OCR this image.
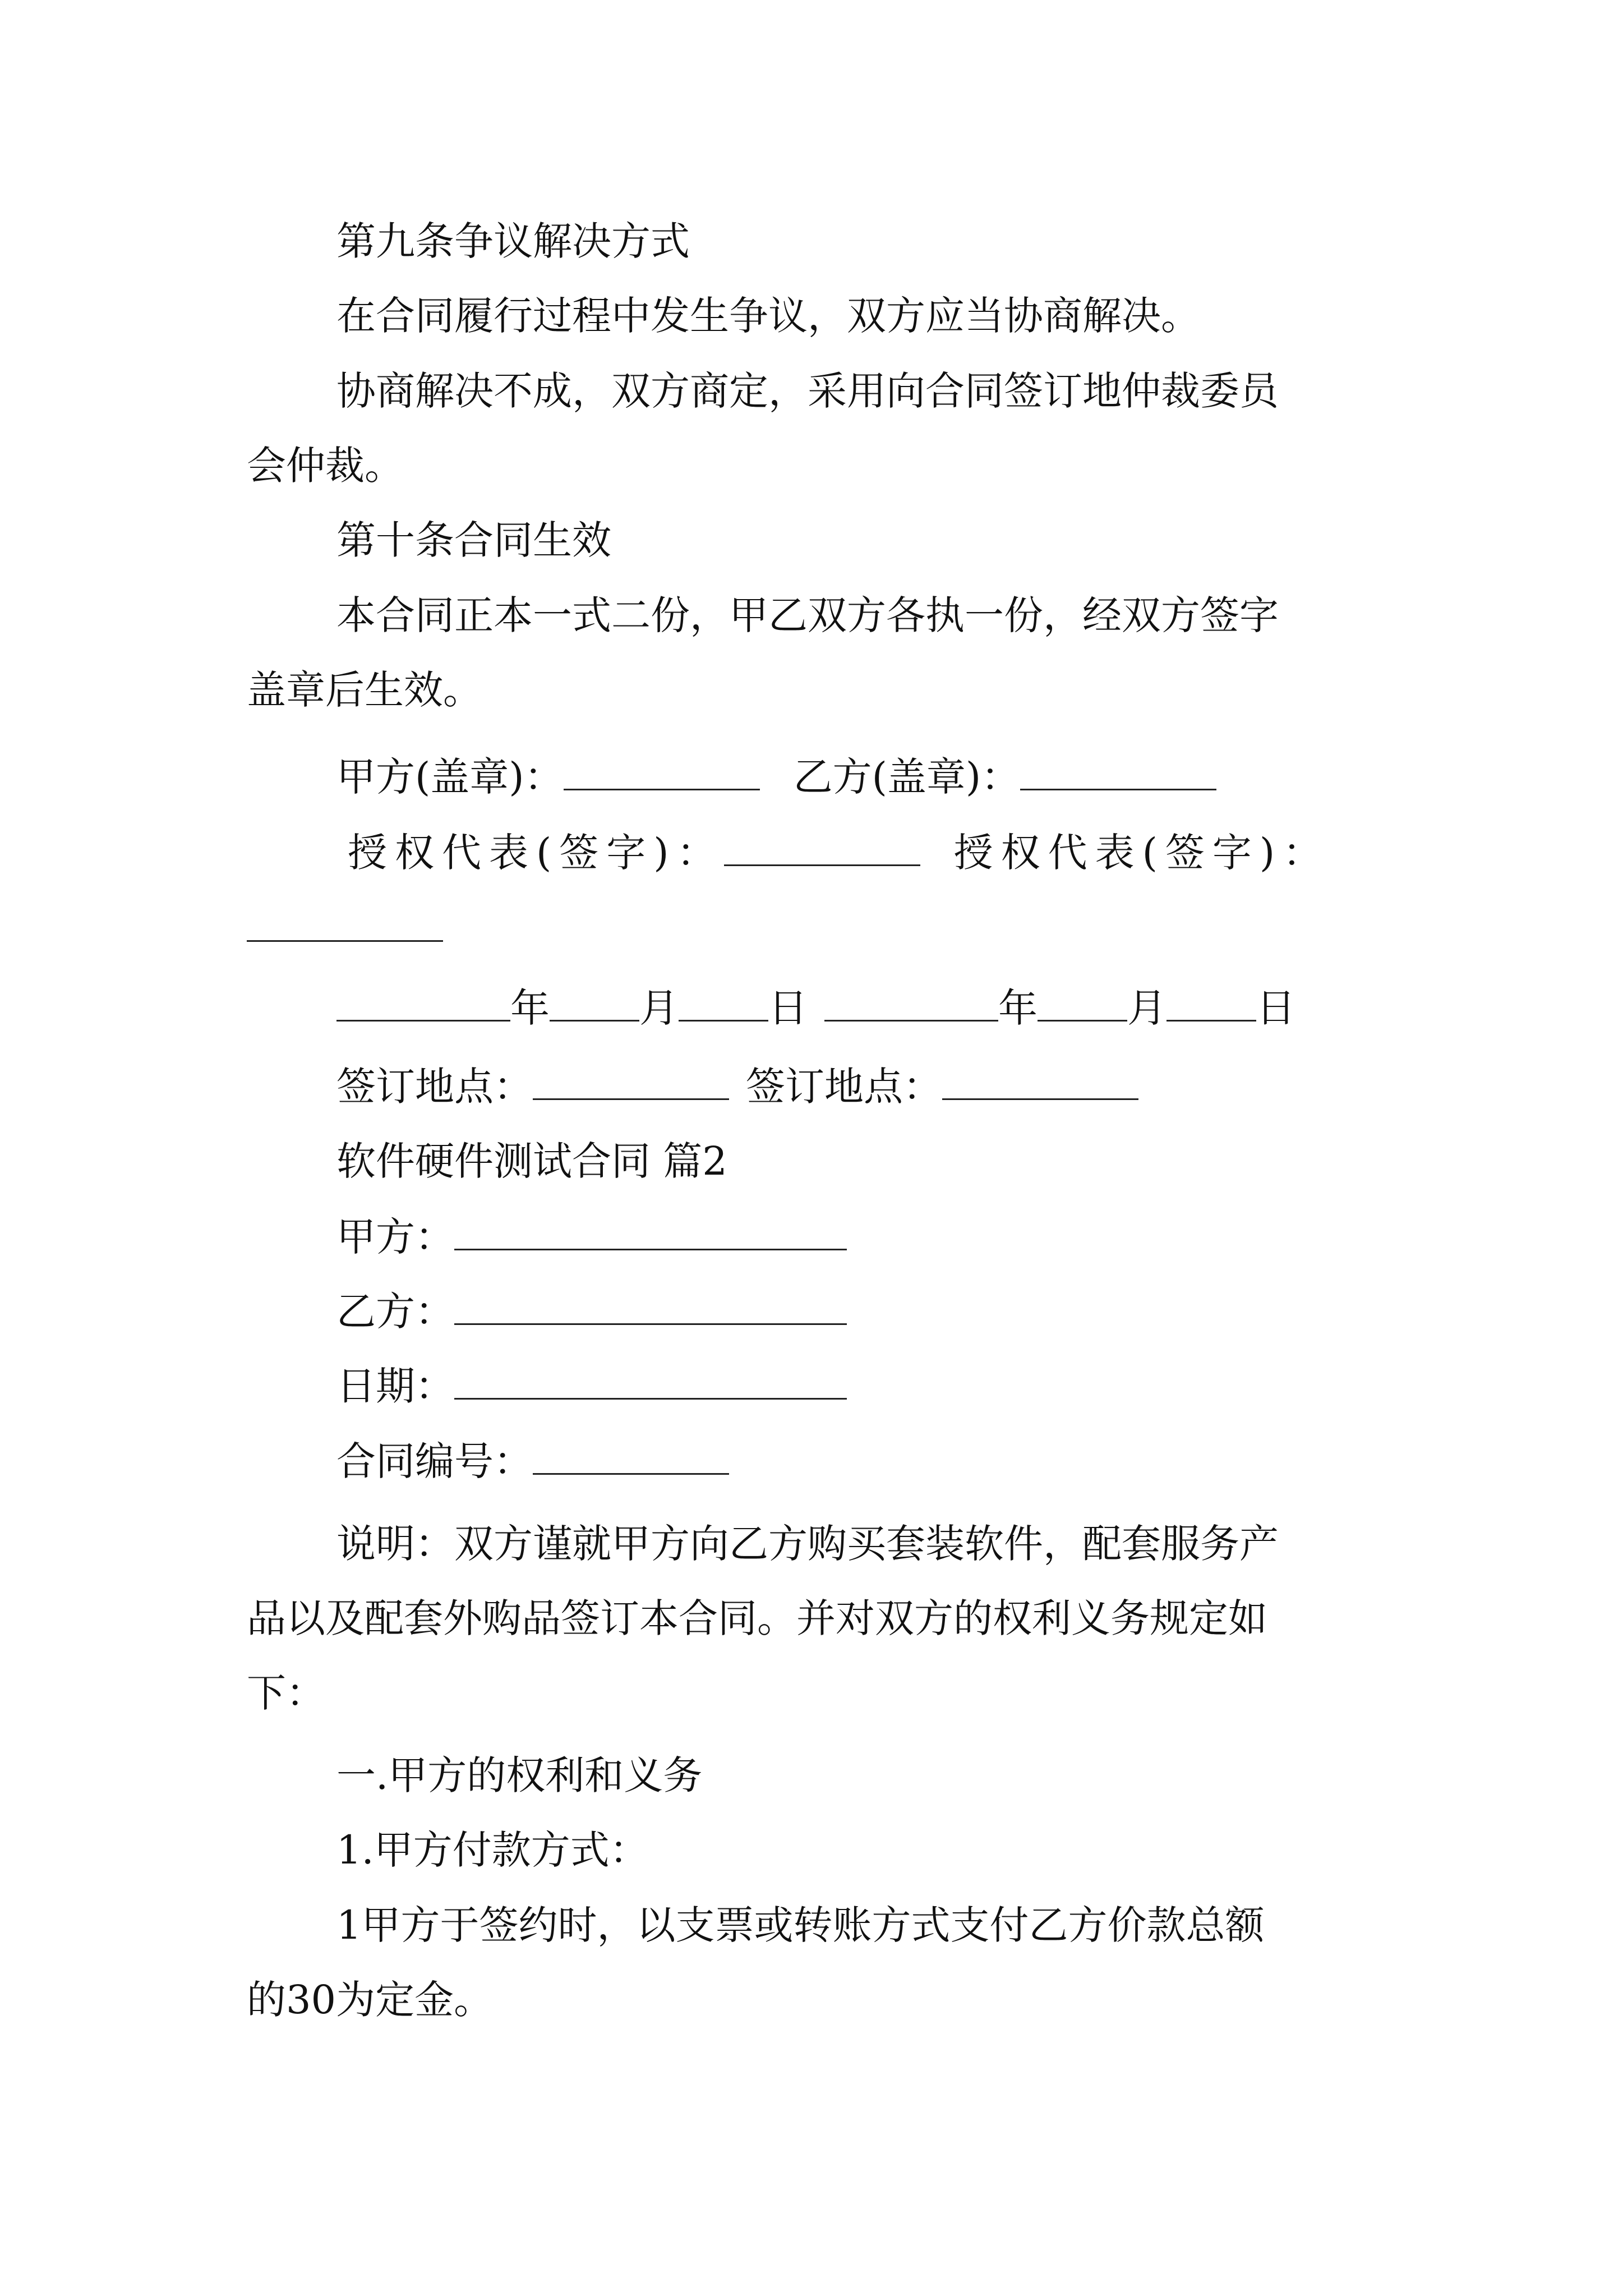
第九条争议解决方式
在合同履行过程中发生争议，双方应当协商解决。
协商解决不成，双方商定，采用向合同签订地仲裁委员
会仲裁。
第十条合同生效
本合同正本一式二份，甲乙双方各执一份，经双方签字
盖章后生效。
甲方(盖章)：	乙方(盖章)：
授权代表(签字)：	授权代表(签字)：
年 月 日	年 月 日
签订地点：	签订地点：
软件硬件测试合同 篇2
甲方：
乙方：
日期：
合同编号：
说明：双方谨就甲方向乙方购买套装软件，配套服务产
品以及配套外购品签订本合同。并对双方的权利义务规定如
下：
一.甲方的权利和义务
1.甲方付款方式：
1甲方于签约时，以支票或转账方式支付乙方价款总额
的30为定金。
